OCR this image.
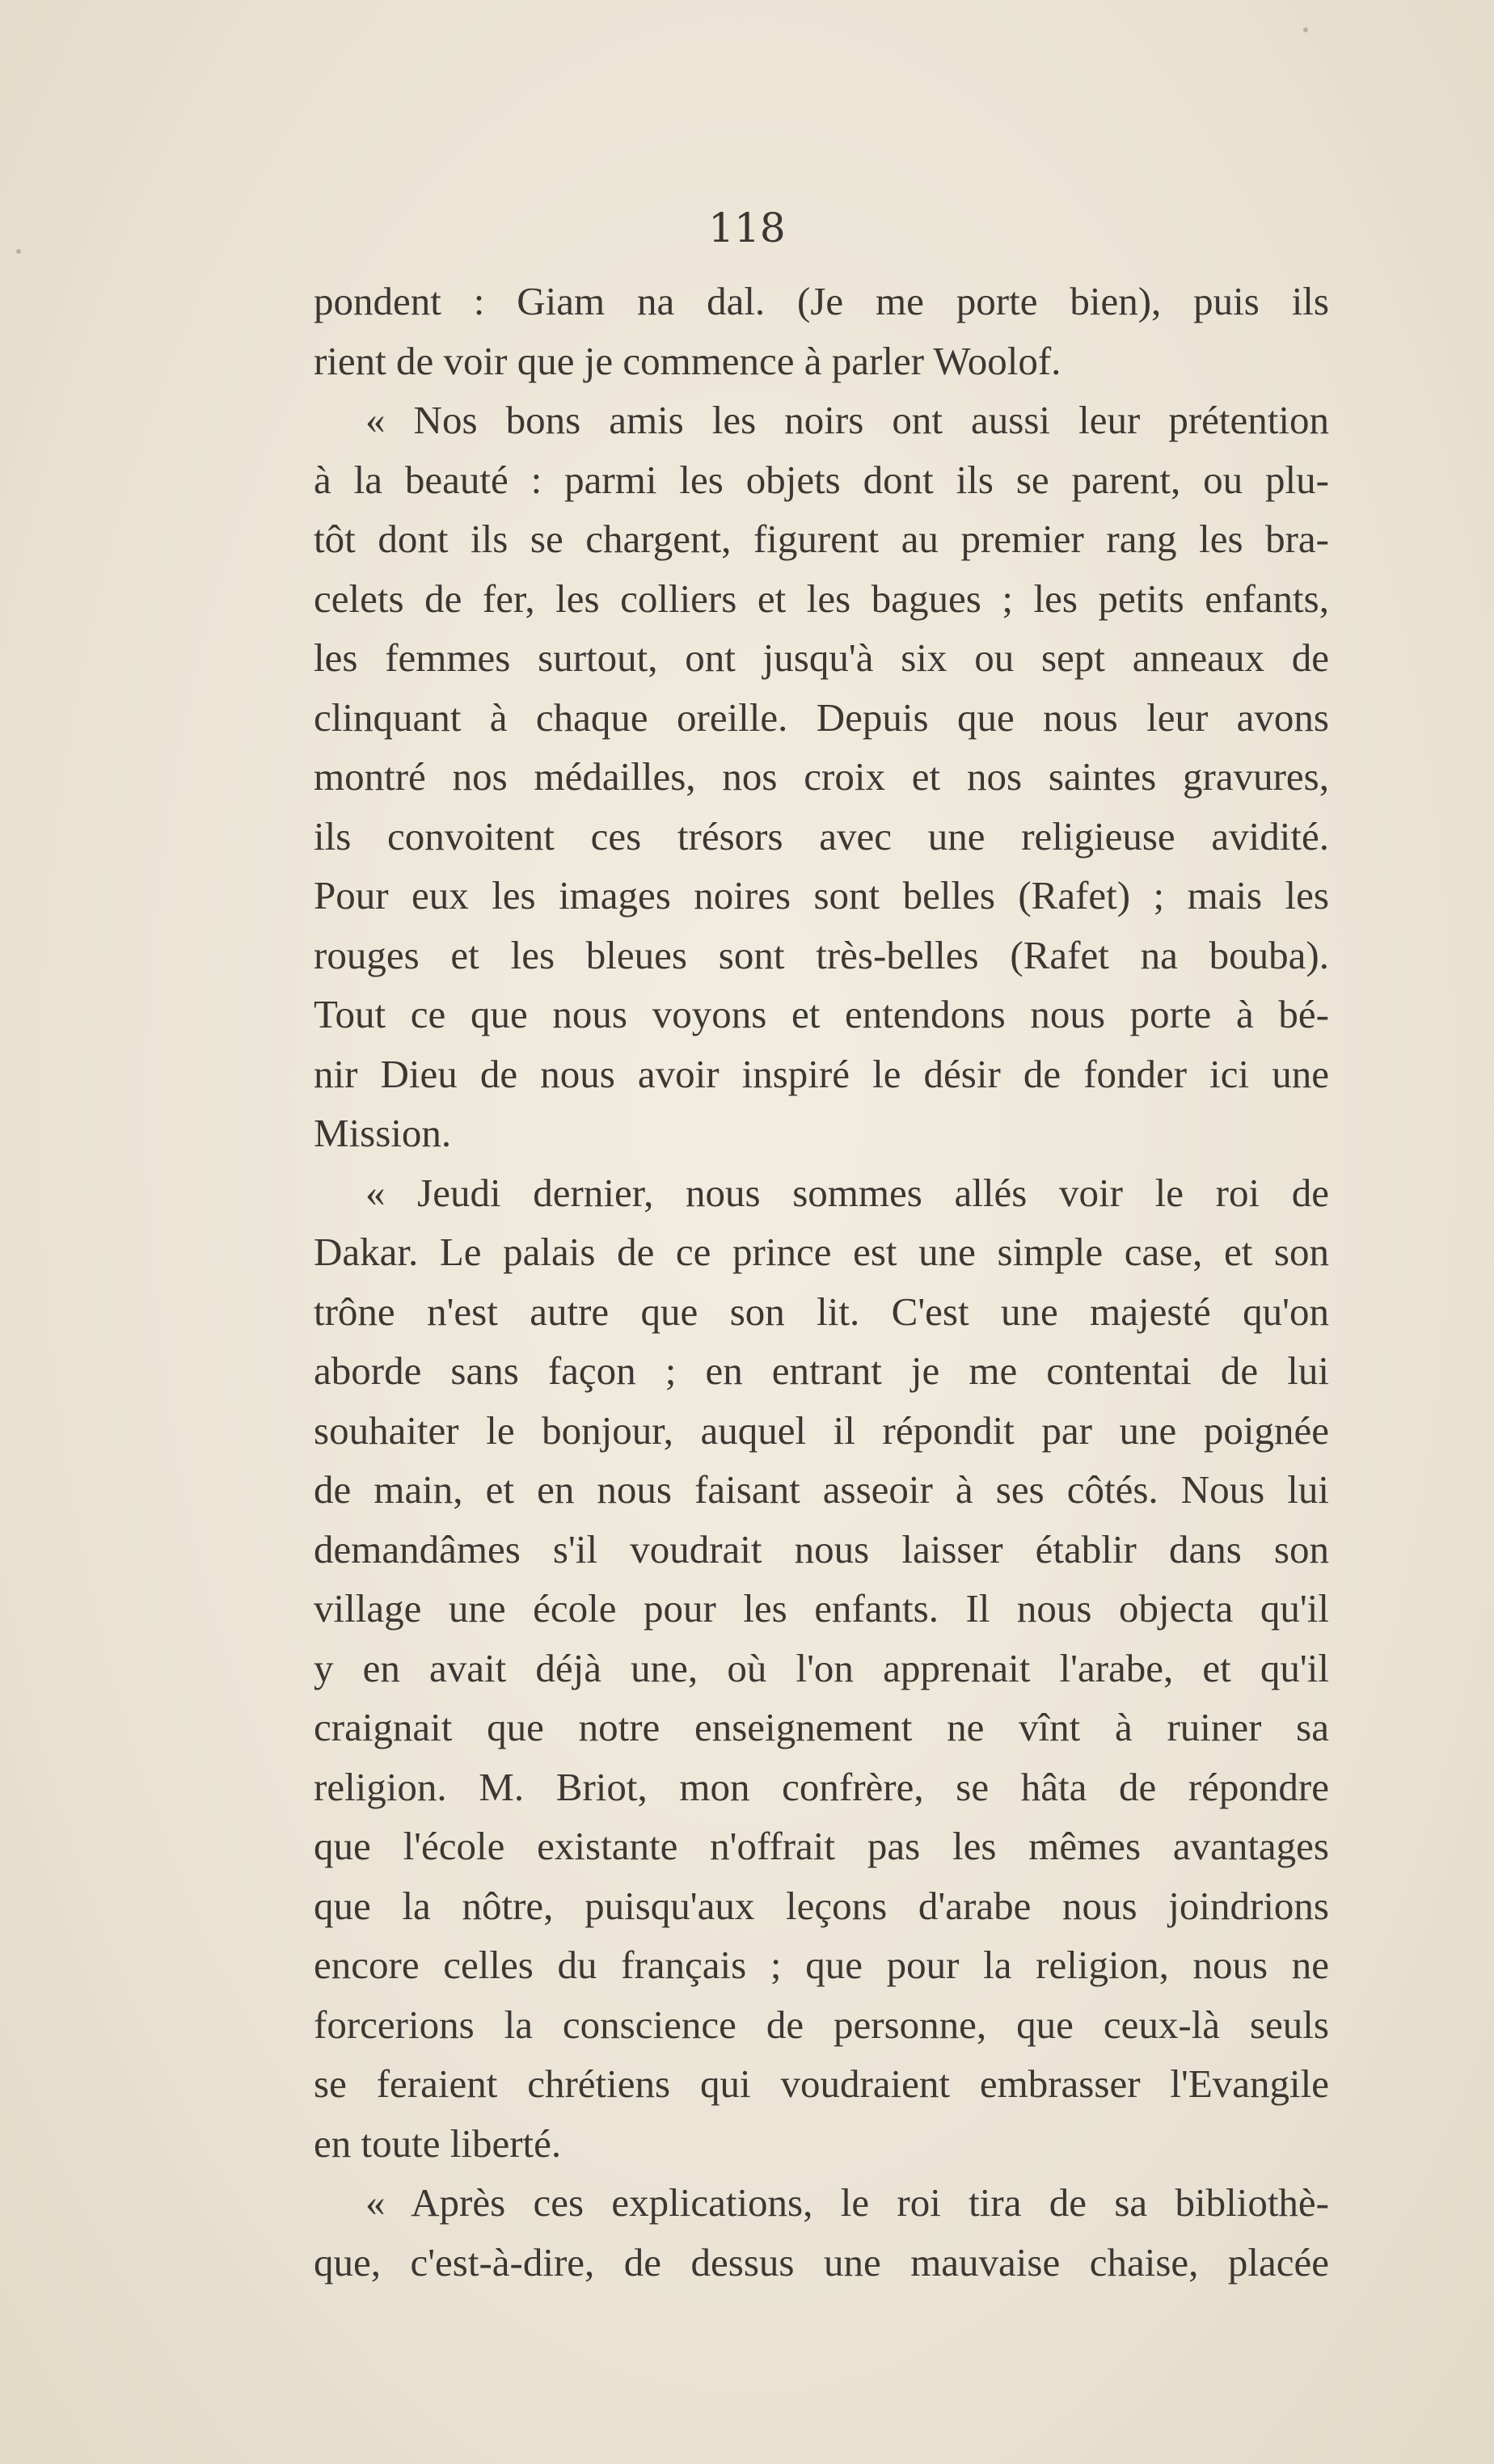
118
pondent : Giam na dal. (Je me porte bien), puis ils
rient de voir que je commence à parler Woolof.
« Nos bons amis les noirs ont aussi leur prétention
à la beauté : parmi les objets dont ils se parent, ou plu-
tôt dont ils se chargent, figurent au premier rang les bra-
celets de fer, les colliers et les bagues ; les petits enfants,
les femmes surtout, ont jusqu'à six ou sept anneaux de
clinquant à chaque oreille. Depuis que nous leur avons
montré nos médailles, nos croix et nos saintes gravures,
ils convoitent ces trésors avec une religieuse avidité.
Pour eux les images noires sont belles (Rafet) ; mais les
rouges et les bleues sont très-belles (Rafet na bouba).
Tout ce que nous voyons et entendons nous porte à bé-
nir Dieu de nous avoir inspiré le désir de fonder ici une
Mission.
« Jeudi dernier, nous sommes allés voir le roi de
Dakar. Le palais de ce prince est une simple case, et son
trône n'est autre que son lit. C'est une majesté qu'on
aborde sans façon ; en entrant je me contentai de lui
souhaiter le bonjour, auquel il répondit par une poignée
de main, et en nous faisant asseoir à ses côtés. Nous lui
demandâmes s'il voudrait nous laisser établir dans son
village une école pour les enfants. Il nous objecta qu'il
y en avait déjà une, où l'on apprenait l'arabe, et qu'il
craignait que notre enseignement ne vînt à ruiner sa
religion. M. Briot, mon confrère, se hâta de répondre
que l'école existante n'offrait pas les mêmes avantages
que la nôtre, puisqu'aux leçons d'arabe nous joindrions
encore celles du français ; que pour la religion, nous ne
forcerions la conscience de personne, que ceux-là seuls
se feraient chrétiens qui voudraient embrasser l'Evangile
en toute liberté.
« Après ces explications, le roi tira de sa bibliothè-
que, c'est-à-dire, de dessus une mauvaise chaise, placée
